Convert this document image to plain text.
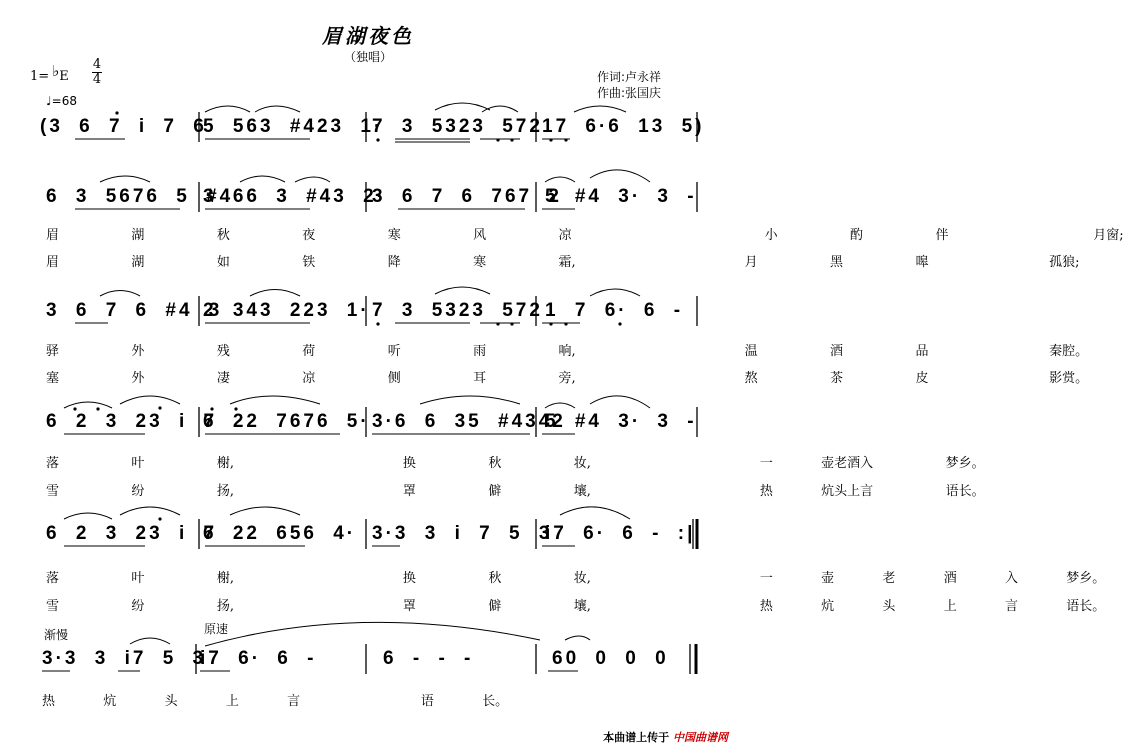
眉湖夜色
（独唱）
1= ♭E
4
4
♩=68
作词:卢永祥
作曲:张国庆
(3 6 7 i 7 6
5 563 #423 1·
7 3 5323 572 17 6·6 13 5)
6 3 5676 5 #4
3 66 3 #43 2·
3 6 7 6 767 2
5 #4 3· 3 -
眉	湖	秋	夜	寒	风	凉	小	酌	伴	月窗;
眉	湖	如	铁	降	寒	霜,	月	黑	嗥	孤狼;
3 6 7 6 #4 3
2 343 223 1· 7 3 5323 572 1 7 6· 6 -
驿	外	残	荷	听	雨	响,	温	酒	品	秦腔。
塞	外	凄	凉	侧	耳	旁,	熬	茶	皮	影赏。
6 2 3 23 i 7
6 22 7676 5· 3·6 6 35 #4342
5 #4 3· 3 -
落	叶	榭,	换	秋	妆,	一	壶老酒入	梦乡。
雪	纷	扬,	罩	僻	壤,	热	炕头上言	语长。
6 2 3 23 i 7
6 22 656 4· 3·3 3 i 7 5 3
i7 6· 6 - :|
落	叶	榭,	换	秋	妆,	一	壶	老	酒	入	梦乡。
雪	纷	扬,	罩	僻	壤,	热	炕	头	上	言	语长。
渐慢	原速
3·3 3 i7 5 3
i7 6· 6 -	6 - - -	60 0 0 0
热	炕	头	上	言	语	长。
本曲谱上传于 中国曲谱网
